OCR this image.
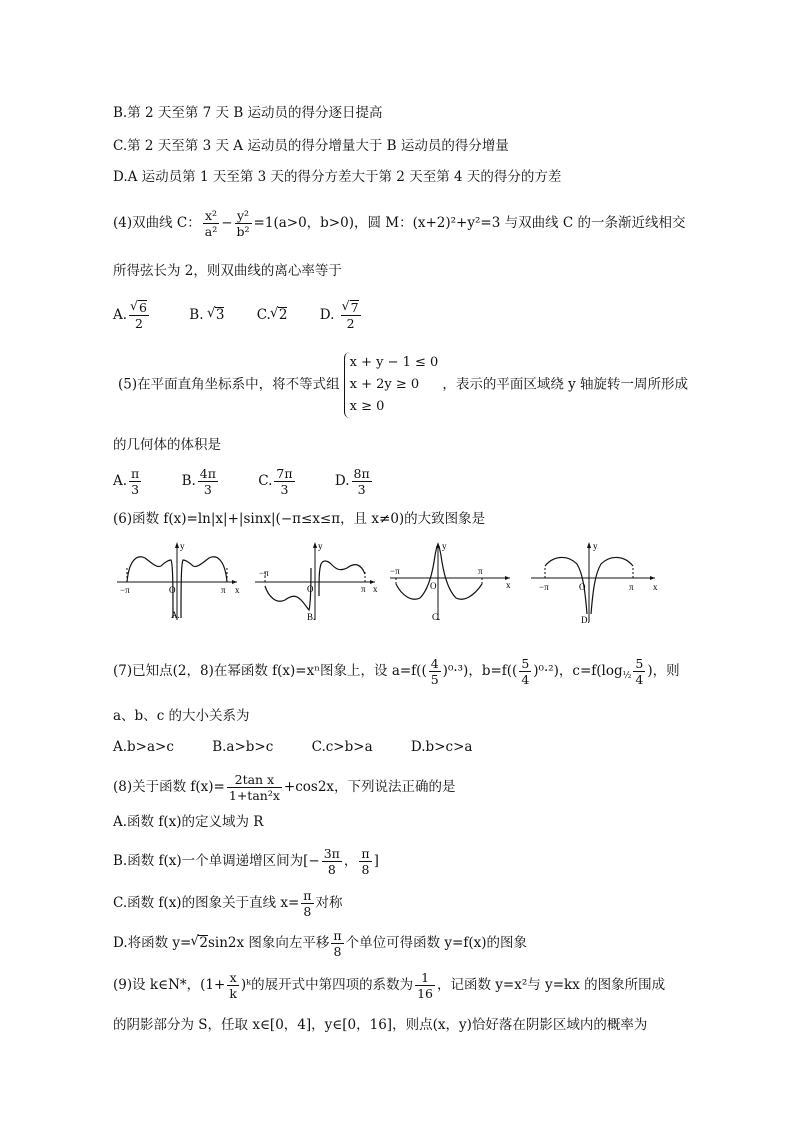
B.第 2 天至第 7 天 B 运动员的得分逐日提高
C.第 2 天至第 3 天 A 运动员的得分增量大于 B 运动员的得分增量
D.A 运动员第 1 天至第 3 天的得分方差大于第 2 天至第 4 天的得分的方差
(4)双曲线 C： $\frac{\text{x²}}{\text{a²}} - \frac{\text{y²}}{\text{b²}} =1(a>0$，b>0)，圆 M：(x+2)²+y²=3 与双曲线 C 的一条渐近线相交
所得弦长为 2，则双曲线的离心率等于
A. √ $\frac{6}{2}$	B. √ 3 C. √ 2 D. √ $\frac{7}{2}$
(5)在平面直角坐标系中，将不等式组
x + y − 1 ≤ 0
x + 2y ≥ 0
x ≥ 0
，表示的平面区域绕 y 轴旋转一周所形成
的几何体的体积是
A. $\frac{\pi}{3}$	B. $\frac{4\pi}{3}$	C. $\frac{7\pi}{3}$	D. $\frac{8\pi}{3}$
(6)函数 f(x)=ln|x|+|sinx|(−π≤x≤π，且 x≠0)的大致图象是
−π	π
O	x
y
A.
−π
π
O	x
y
B.
−π	π
O	x
y
C.
−π	π
O	x
y
D.
(7)已知点(2，8)在幂函数 f(x)=xⁿ图象上，设 $a=f(( \frac{4}{5} )^0\cdot^3)$，$b=f(( \frac{5}{4} )^0\cdot^2)$，$c=f(\log_{\frac{1}{2}} \frac{5}{4}$ )，则
a、b、c 的大小关系为
A.b>a>c	B.a>b>c	C.c>b>a	D.b>c>a
(8)关于函数 $f(x)= \frac{\text{2tan x}}{\text{1+tan²x}} +\cos 2x$，下列说法正确的是
A.函数 f(x)的定义域为 R
B.函数 f(x)一个单调递增区间为[− $\frac{3\pi}{8}$ ， $\frac{\pi}{8}$ ]
C.函数 f(x)的图象关于直线 $x= \frac{\pi}{8}$ 对称
D.将函数 y= √ 2sin2x 图象向左平移 $\frac{\pi}{8}$ 个单位可得函数 y=f(x)的图象
(9)设 k∈N*，($1+ \frac{x}{k}$ )ᵏ的展开式中第四项的系数为 $\frac{1}{16}$ ，记函数 y=x²与 y=kx 的图象所围成
的阴影部分为 S，任取 x∈[0，4]，y∈[0，16]，则点(x，y)恰好落在阴影区域内的概率为
